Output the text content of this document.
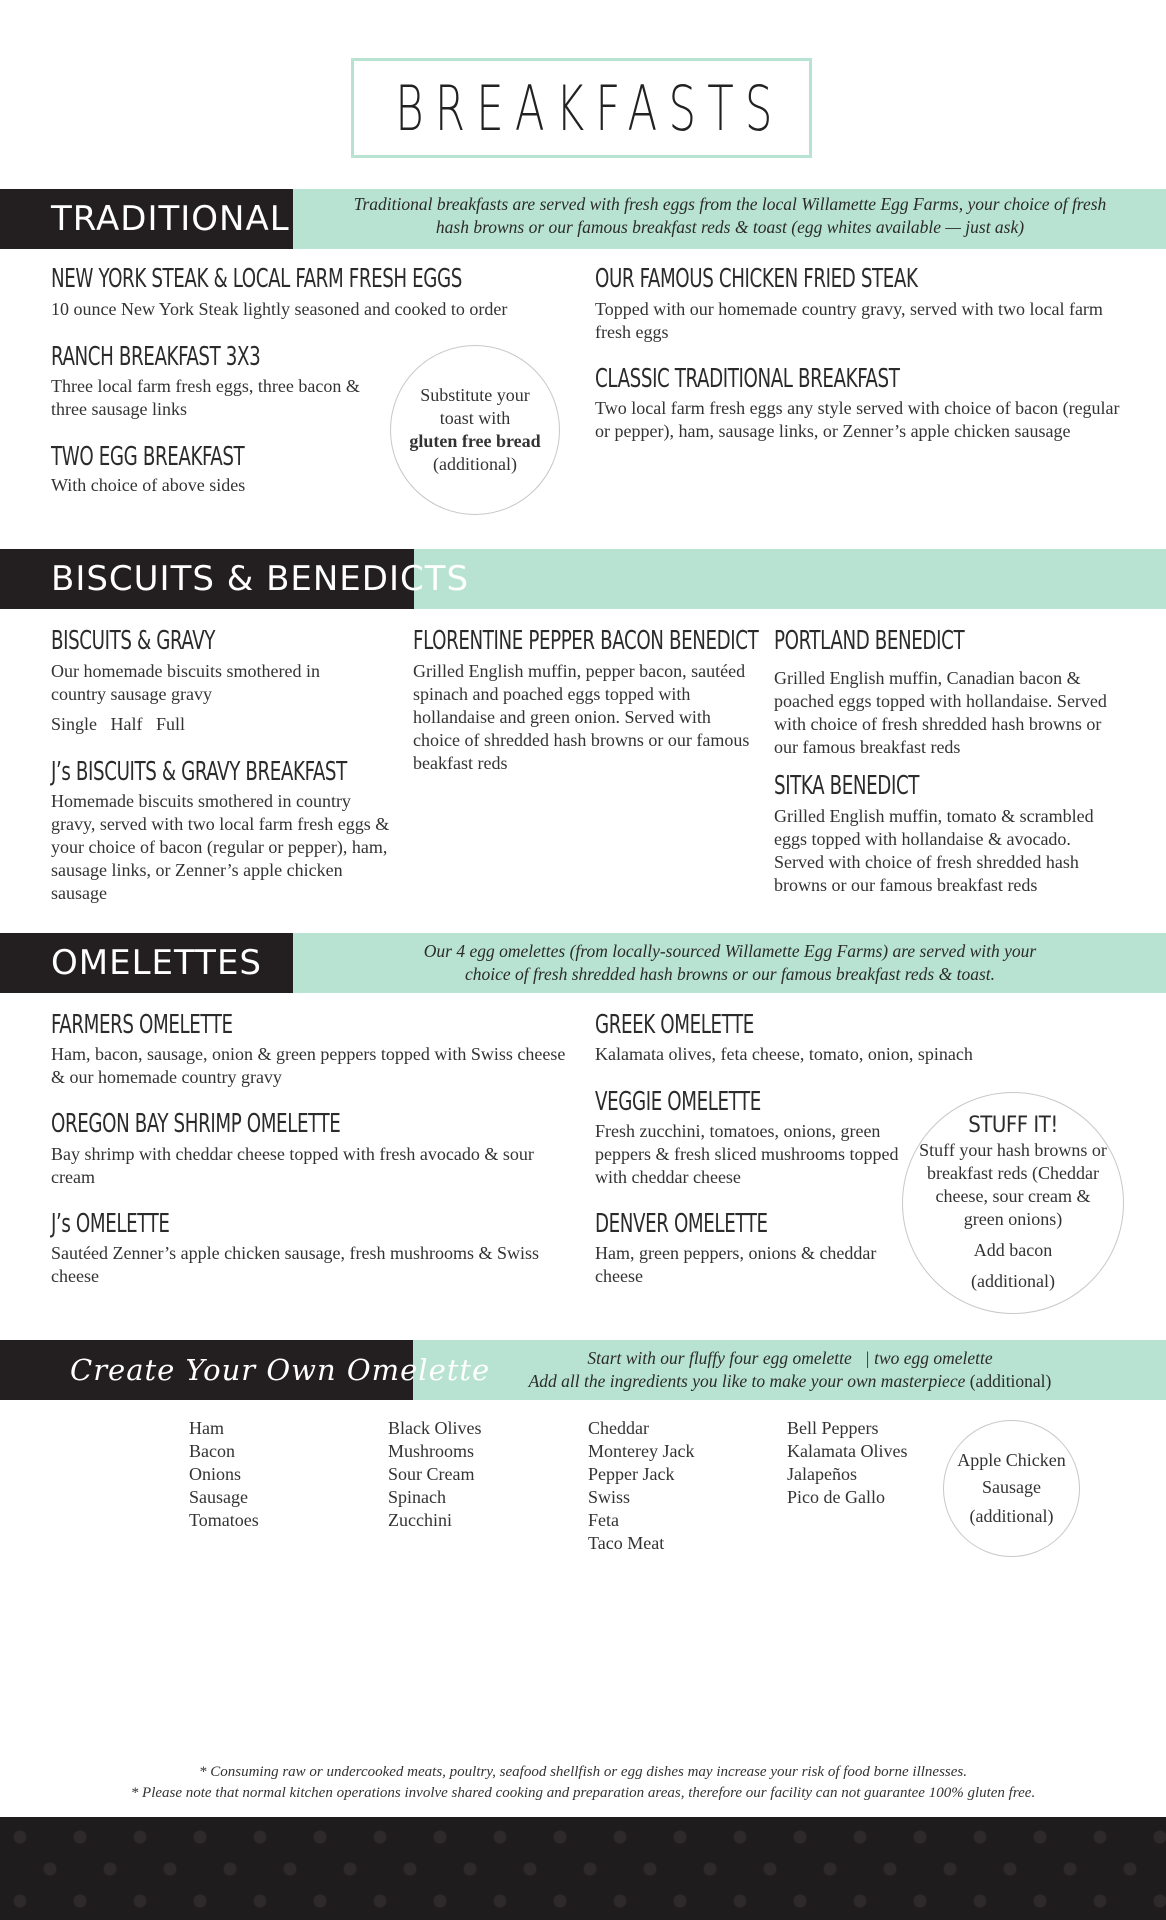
BREAKFASTS
TRADITIONAL	Traditional breakfasts are served with fresh eggs from the local Willamette Egg Farms, your choice of fresh hash browns or our famous breakfast reds & toast (egg whites available — just ask)
NEW YORK STEAK & LOCAL FARM FRESH EGGS
10 ounce New York Steak lightly seasoned and cooked to order
RANCH BREAKFAST 3X3
Three local farm fresh eggs, three bacon & three sausage links
TWO EGG BREAKFAST
With choice of above sides
Substitute your
toast with
gluten free bread
(additional)
OUR FAMOUS CHICKEN FRIED STEAK
Topped with our homemade country gravy, served with two local farm fresh eggs
CLASSIC TRADITIONAL BREAKFAST
Two local farm fresh eggs any style served with choice of bacon (regular or pepper), ham, sausage links, or Zenner’s apple chicken sausage
BISCUITS & BENEDICTS
BISCUITS & GRAVY
Our homemade biscuits smothered in country sausage gravy
Single   Half   Full
J’s BISCUITS & GRAVY BREAKFAST
Homemade biscuits smothered in country gravy, served with two local farm fresh eggs & your choice of bacon (regular or pepper), ham, sausage links, or Zenner’s apple chicken sausage
FLORENTINE PEPPER BACON BENEDICT
Grilled English muffin, pepper bacon, sautéed spinach and poached eggs topped with hollandaise and green onion. Served with choice of shredded hash browns or our famous beakfast reds
PORTLAND BENEDICT
Grilled English muffin, Canadian bacon & poached eggs topped with hollandaise. Served with choice of fresh shredded hash browns or our famous breakfast reds
SITKA BENEDICT
Grilled English muffin, tomato & scrambled eggs topped with hollandaise & avocado. Served with choice of fresh shredded hash browns or our famous breakfast reds
OMELETTES	Our 4 egg omelettes (from locally-sourced Willamette Egg Farms) are served with your choice of fresh shredded hash browns or our famous breakfast reds & toast.
FARMERS OMELETTE
Ham, bacon, sausage, onion & green peppers topped with Swiss cheese & our homemade country gravy
OREGON BAY SHRIMP OMELETTE
Bay shrimp with cheddar cheese topped with fresh avocado & sour cream
J’s OMELETTE
Sautéed Zenner’s apple chicken sausage, fresh mushrooms & Swiss cheese
GREEK OMELETTE
Kalamata olives, feta cheese, tomato, onion, spinach
VEGGIE OMELETTE
Fresh zucchini, tomatoes, onions, green peppers & fresh sliced mushrooms topped with cheddar cheese
DENVER OMELETTE
Ham, green peppers, onions & cheddar cheese
STUFF IT!
Stuff your hash browns or breakfast reds (Cheddar cheese, sour cream & green onions)
Add bacon
(additional)
Create Your Own Omelette	Start with our fluffy four egg omelette   | two egg omelette
Add all the ingredients you like to make your own masterpiece (additional)
Ham
Bacon
Onions
Sausage
Tomatoes
Black Olives
Mushrooms
Sour Cream
Spinach
Zucchini
Cheddar
Monterey Jack
Pepper Jack
Swiss
Feta
Taco Meat
Bell Peppers
Kalamata Olives
Jalapeños
Pico de Gallo
Apple Chicken
Sausage
(additional)
* Consuming raw or undercooked meats, poultry, seafood shellfish or egg dishes may increase your risk of food borne illnesses.
* Please note that normal kitchen operations involve shared cooking and preparation areas, therefore our facility can not guarantee 100% gluten free.
